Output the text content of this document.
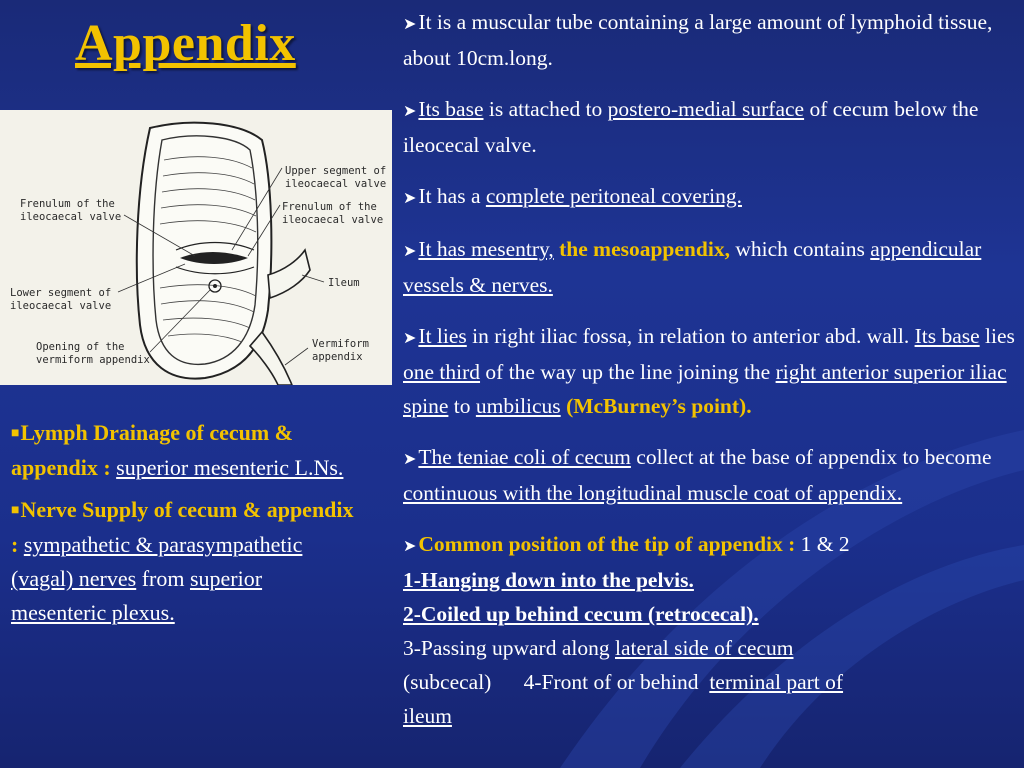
Appendix
Upper segment of
ileocaecal valve
Frenulum of the
ileocaecal valve
Frenulum of the
ileocaecal valve
Lower segment of
ileocaecal valve
Ileum
Opening of the
vermiform appendix
Vermiform
appendix

■Lymph Drainage of cecum & appendix : superior mesenteric L.Ns.

■Nerve Supply of cecum & appendix : sympathetic & parasympathetic (vagal) nerves from superior mesenteric plexus.

➤It is a muscular tube containing a large amount of lymphoid tissue, about 10cm.long.

➤Its base is attached to postero-medial surface of cecum below the ileocecal valve.

➤It has a complete peritoneal covering.

➤It has mesentry, the mesoappendix, which contains appendicular vessels & nerves.

➤It lies in right iliac fossa, in relation to anterior abd. wall. Its base lies one third of the way up the line joining the right anterior superior iliac spine to umbilicus (McBurney’s point).

➤The teniae coli of cecum collect at the base of appendix to become continuous with the longitudinal muscle coat of appendix.

➤Common position of the tip of appendix : 1 & 2

1-Hanging down into the pelvis.

2-Coiled up behind cecum (retrocecal).

3-Passing upward along lateral side of cecum

(subcecal) 4-Front of or behind terminal part of

ileum
